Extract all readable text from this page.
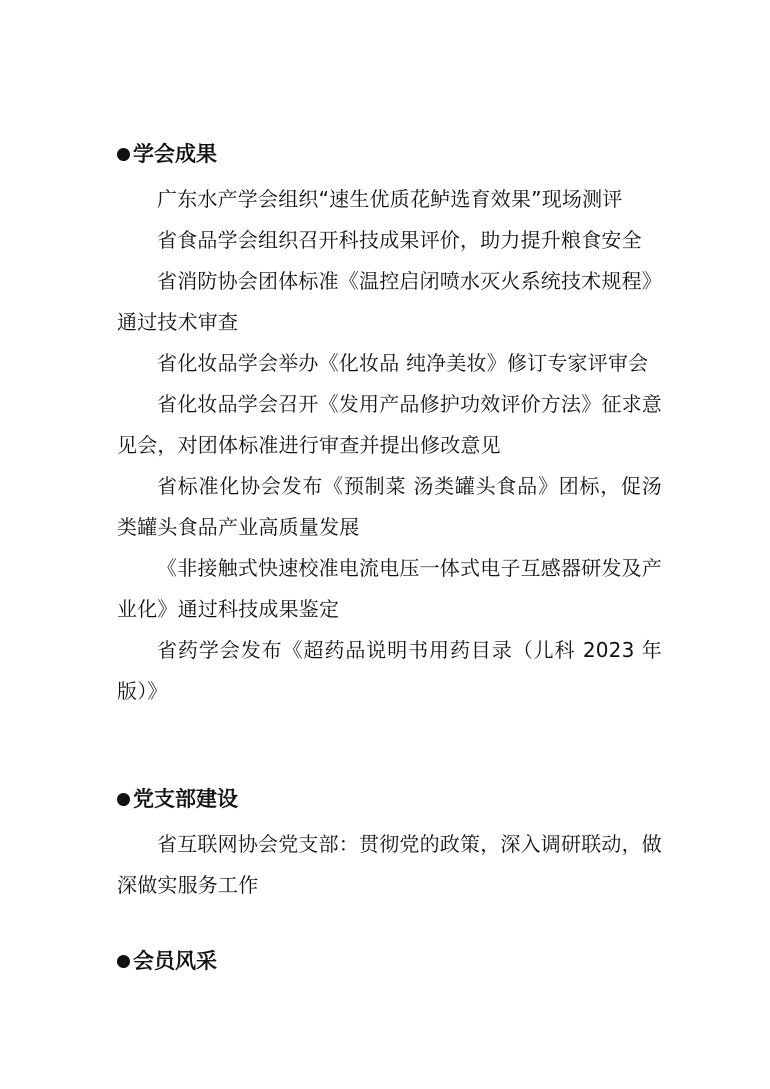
学会成果
广东水产学会组织“速生优质花鲈选育效果”现场测评
省食品学会组织召开科技成果评价，助力提升粮食安全
省消防协会团体标准《温控启闭喷水灭火系统技术规程》通过技术审查
省化妆品学会举办《化妆品 纯净美妆》修订专家评审会
省化妆品学会召开《发用产品修护功效评价方法》征求意见会，对团体标准进行审查并提出修改意见
省标准化协会发布《预制菜 汤类罐头食品》团标，促汤类罐头食品产业高质量发展
《非接触式快速校准电流电压一体式电子互感器研发及产业化》通过科技成果鉴定
省药学会发布《超药品说明书用药目录（儿科 2023 年版）》
党支部建设
省互联网协会党支部：贯彻党的政策，深入调研联动，做深做实服务工作
会员风采
